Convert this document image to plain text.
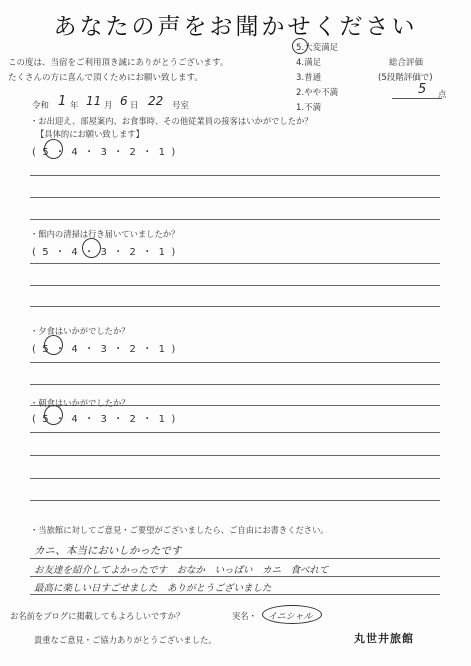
あなたの声をお聞かせください
この度は、当宿をご利用頂き誠にありがとうございます。
たくさんの方に喜んで頂くためにお願い致します。
5.大変満足
4.満足
3.普通
2.やや不満
1.不満
総合評価
(5段階評価で)
5 点
令和 1 年 11 月 6 日 22 号室
・お出迎え、部屋案内、お食事時、その他従業員の接客はいかがでしたか？
【具体的にお願い致します】
(  5  ・  4  ・  3  ・  2  ・  1  )
・館内の清掃は行き届いていましたか？
(  5  ・  4  ・  3  ・  2  ・  1  )
・夕食はいかがでしたか？
(  5  ・  4  ・  3  ・  2  ・  1  )
・朝食はいかがでしたか？
(  5  ・  4  ・  3  ・  2  ・  1  )
・当旅館に対してご意見・ご要望がございましたら、ご自由にお書きください。
カニ、本当においしかったです
お友達を紹介してよかったです　おなか　いっぱい　カニ　食べれて
最高に楽しい日すごせました　ありがとうございました
お名前をブログに掲載してもよろしいですか？	実名・ イニシャル
貴重なご意見・ご協力ありがとうございました。	丸世井旅館
